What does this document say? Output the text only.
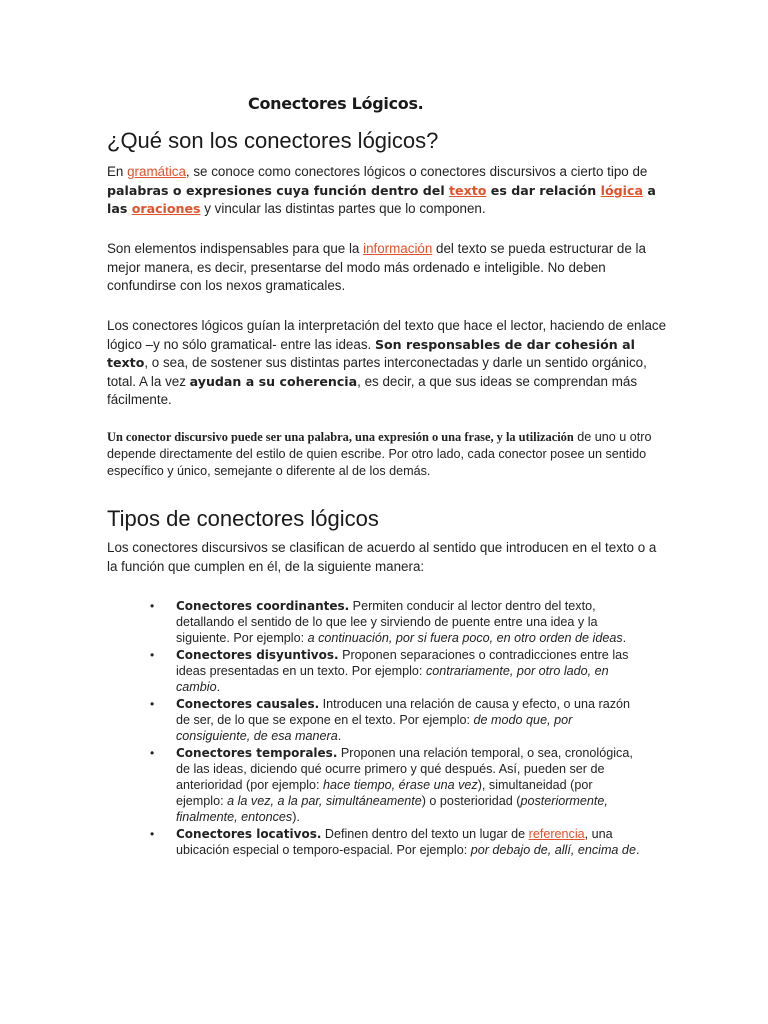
Conectores Lógicos.
¿Qué son los conectores lógicos?

En gramática, se conoce como conectores lógicos o conectores discursivos a cierto tipo de palabras o expresiones cuya función dentro del texto es dar relación lógica a las oraciones y vincular las distintas partes que lo componen.

Son elementos indispensables para que la información del texto se pueda estructurar de la mejor manera, es decir, presentarse del modo más ordenado e inteligible. No deben confundirse con los nexos gramaticales.

Los conectores lógicos guían la interpretación del texto que hace el lector, haciendo de enlace lógico –y no sólo gramatical- entre las ideas. Son responsables de dar cohesión al texto, o sea, de sostener sus distintas partes interconectadas y darle un sentido orgánico, total. A la vez ayudan a su coherencia, es decir, a que sus ideas se comprendan más fácilmente.

Un conector discursivo puede ser una palabra, una expresión o una frase, y la utilización de uno u otro depende directamente del estilo de quien escribe. Por otro lado, cada conector posee un sentido específico y único, semejante o diferente al de los demás.

Tipos de conectores lógicos

Los conectores discursivos se clasifican de acuerdo al sentido que introducen en el texto o a la función que cumplen en él, de la siguiente manera:

• Conectores coordinantes. Permiten conducir al lector dentro del texto, detallando el sentido de lo que lee y sirviendo de puente entre una idea y la siguiente. Por ejemplo: a continuación, por si fuera poco, en otro orden de ideas.
• Conectores disyuntivos. Proponen separaciones o contradicciones entre las ideas presentadas en un texto. Por ejemplo: contrariamente, por otro lado, en cambio.
• Conectores causales. Introducen una relación de causa y efecto, o una razón de ser, de lo que se expone en el texto. Por ejemplo: de modo que, por consiguiente, de esa manera.
• Conectores temporales. Proponen una relación temporal, o sea, cronológica, de las ideas, diciendo qué ocurre primero y qué después. Así, pueden ser de anterioridad (por ejemplo: hace tiempo, érase una vez), simultaneidad (por ejemplo: a la vez, a la par, simultáneamente) o posterioridad (posteriormente, finalmente, entonces).
• Conectores locativos. Definen dentro del texto un lugar de referencia, una ubicación especial o temporo-espacial. Por ejemplo: por debajo de, allí, encima de.
